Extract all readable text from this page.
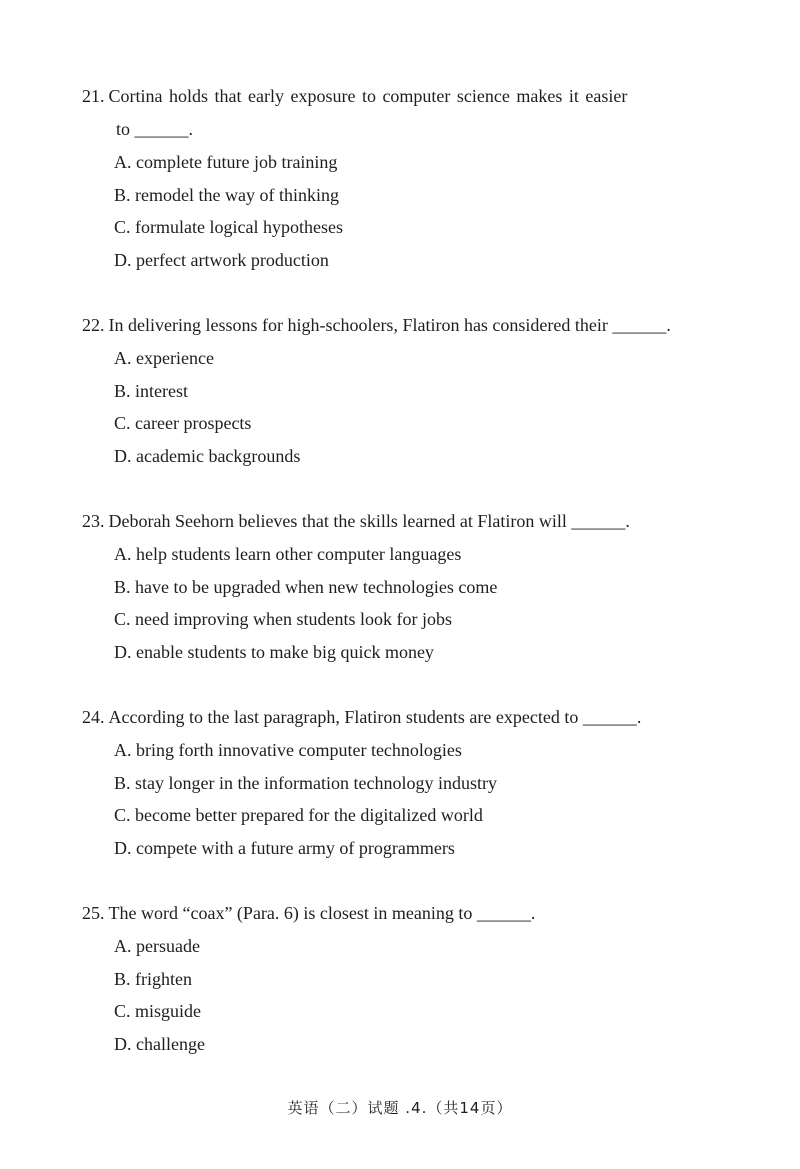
21. Cortina holds that early exposure to computer science makes it easier
to ______.
A. complete future job training
B. remodel the way of thinking
C. formulate logical hypotheses
D. perfect artwork production
22. In delivering lessons for high-schoolers, Flatiron has considered their ______.
A. experience
B. interest
C. career prospects
D. academic backgrounds
23. Deborah Seehorn believes that the skills learned at Flatiron will ______.
A. help students learn other computer languages
B. have to be upgraded when new technologies come
C. need improving when students look for jobs
D. enable students to make big quick money
24. According to the last paragraph, Flatiron students are expected to ______.
A. bring forth innovative computer technologies
B. stay longer in the information technology industry
C. become better prepared for the digitalized world
D. compete with a future army of programmers
25. The word “coax” (Para. 6) is closest in meaning to ______.
A. persuade
B. frighten
C. misguide
D. challenge
英语（二）试题 .4.（共14页）
